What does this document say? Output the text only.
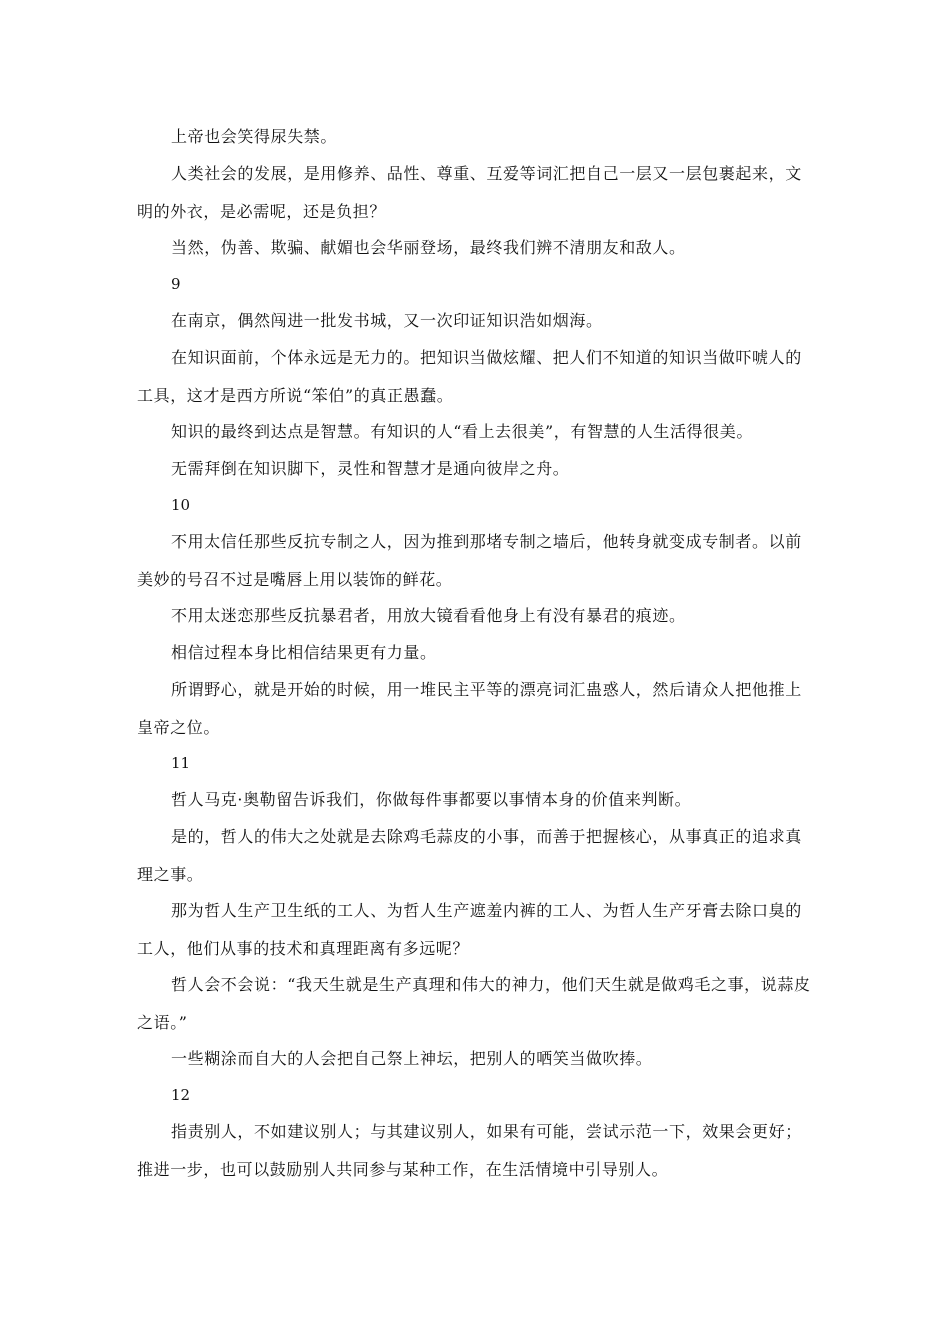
上帝也会笑得尿失禁。

人类社会的发展，是用修养、品性、尊重、互爱等词汇把自己一层又一层包裹起来，文明的外衣，是必需呢，还是负担？

当然，伪善、欺骗、献媚也会华丽登场，最终我们辨不清朋友和敌人。

9

在南京，偶然闯进一批发书城，又一次印证知识浩如烟海。

在知识面前，个体永远是无力的。把知识当做炫耀、把人们不知道的知识当做吓唬人的工具，这才是西方所说“笨伯”的真正愚蠢。

知识的最终到达点是智慧。有知识的人“看上去很美”，有智慧的人生活得很美。

无需拜倒在知识脚下，灵性和智慧才是通向彼岸之舟。

10

不用太信任那些反抗专制之人，因为推到那堵专制之墙后，他转身就变成专制者。以前美妙的号召不过是嘴唇上用以装饰的鲜花。

不用太迷恋那些反抗暴君者，用放大镜看看他身上有没有暴君的痕迹。

相信过程本身比相信结果更有力量。

所谓野心，就是开始的时候，用一堆民主平等的漂亮词汇蛊惑人，然后请众人把他推上皇帝之位。

11

哲人马克·奥勒留告诉我们，你做每件事都要以事情本身的价值来判断。

是的，哲人的伟大之处就是去除鸡毛蒜皮的小事，而善于把握核心，从事真正的追求真理之事。

那为哲人生产卫生纸的工人、为哲人生产遮羞内裤的工人、为哲人生产牙膏去除口臭的工人，他们从事的技术和真理距离有多远呢？

哲人会不会说：“我天生就是生产真理和伟大的神力，他们天生就是做鸡毛之事，说蒜皮之语。”

一些糊涂而自大的人会把自己祭上神坛，把别人的哂笑当做吹捧。

12

指责别人，不如建议别人；与其建议别人，如果有可能，尝试示范一下，效果会更好；推进一步，也可以鼓励别人共同参与某种工作，在生活情境中引导别人。
